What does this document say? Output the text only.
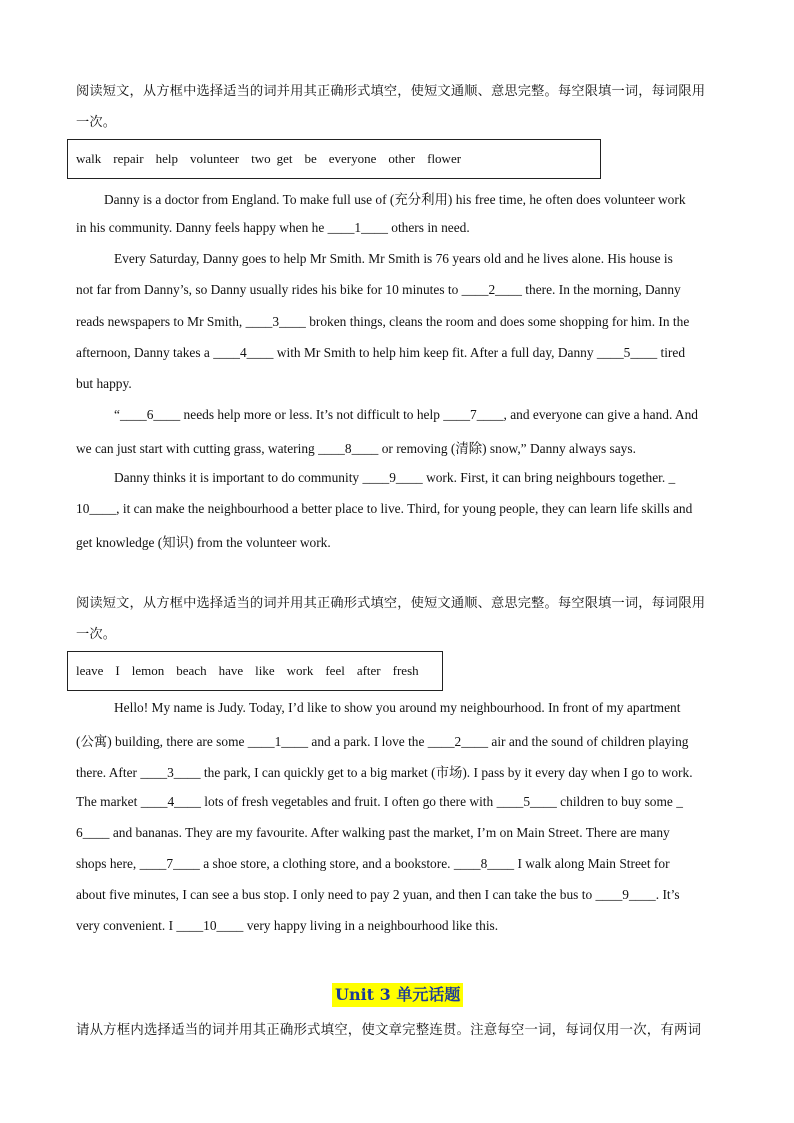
阅读短文，从方框中选择适当的词并用其正确形式填空，使短文通顺、意思完整。每空限填一词，每词限用一次。

walk repair help volunteer two get be everyone other flower
Danny is a doctor from England. To make full use of (充分利用) his free time, he often does volunteer work
in his community. Danny feels happy when he ____1____ others in need.
Every Saturday, Danny goes to help Mr Smith. Mr Smith is 76 years old and he lives alone. His house is
not far from Danny’s, so Danny usually rides his bike for 10 minutes to ____2____ there. In the morning, Danny
reads newspapers to Mr Smith, ____3____ broken things, cleans the room and does some shopping for him. In the
afternoon, Danny takes a ____4____ with Mr Smith to help him keep fit. After a full day, Danny ____5____ tired
but happy.
“____6____ needs help more or less. It’s not difficult to help ____7____, and everyone can give a hand. And
we can just start with cutting grass, watering ____8____ or removing (清除) snow,” Danny always says.
Danny thinks it is important to do community ____9____ work. First, it can bring neighbours together. _
10____, it can make the neighbourhood a better place to live. Third, for young people, they can learn life skills and
get knowledge (知识) from the volunteer work.

阅读短文，从方框中选择适当的词并用其正确形式填空，使短文通顺、意思完整。每空限填一词，每词限用一次。

leave I lemon beach have like work feel after fresh
Hello! My name is Judy. Today, I’d like to show you around my neighbourhood. In front of my apartment
(公寓) building, there are some ____1____ and a park. I love the ____2____ air and the sound of children playing
there. After ____3____ the park, I can quickly get to a big market (市场). I pass by it every day when I go to work.
The market ____4____ lots of fresh vegetables and fruit. I often go there with ____5____ children to buy some _
6____ and bananas. They are my favourite. After walking past the market, I’m on Main Street. There are many
shops here, ____7____ a shoe store, a clothing store, and a bookstore. ____8____ I walk along Main Street for
about five minutes, I can see a bus stop. I only need to pay 2 yuan, and then I can take the bus to ____9____. It’s
very convenient. I ____10____ very happy living in a neighbourhood like this.
Unit 3 单元话题
请从方框内选择适当的词并用其正确形式填空，使文章完整连贯。注意每空一词，每词仅用一次，有两词
